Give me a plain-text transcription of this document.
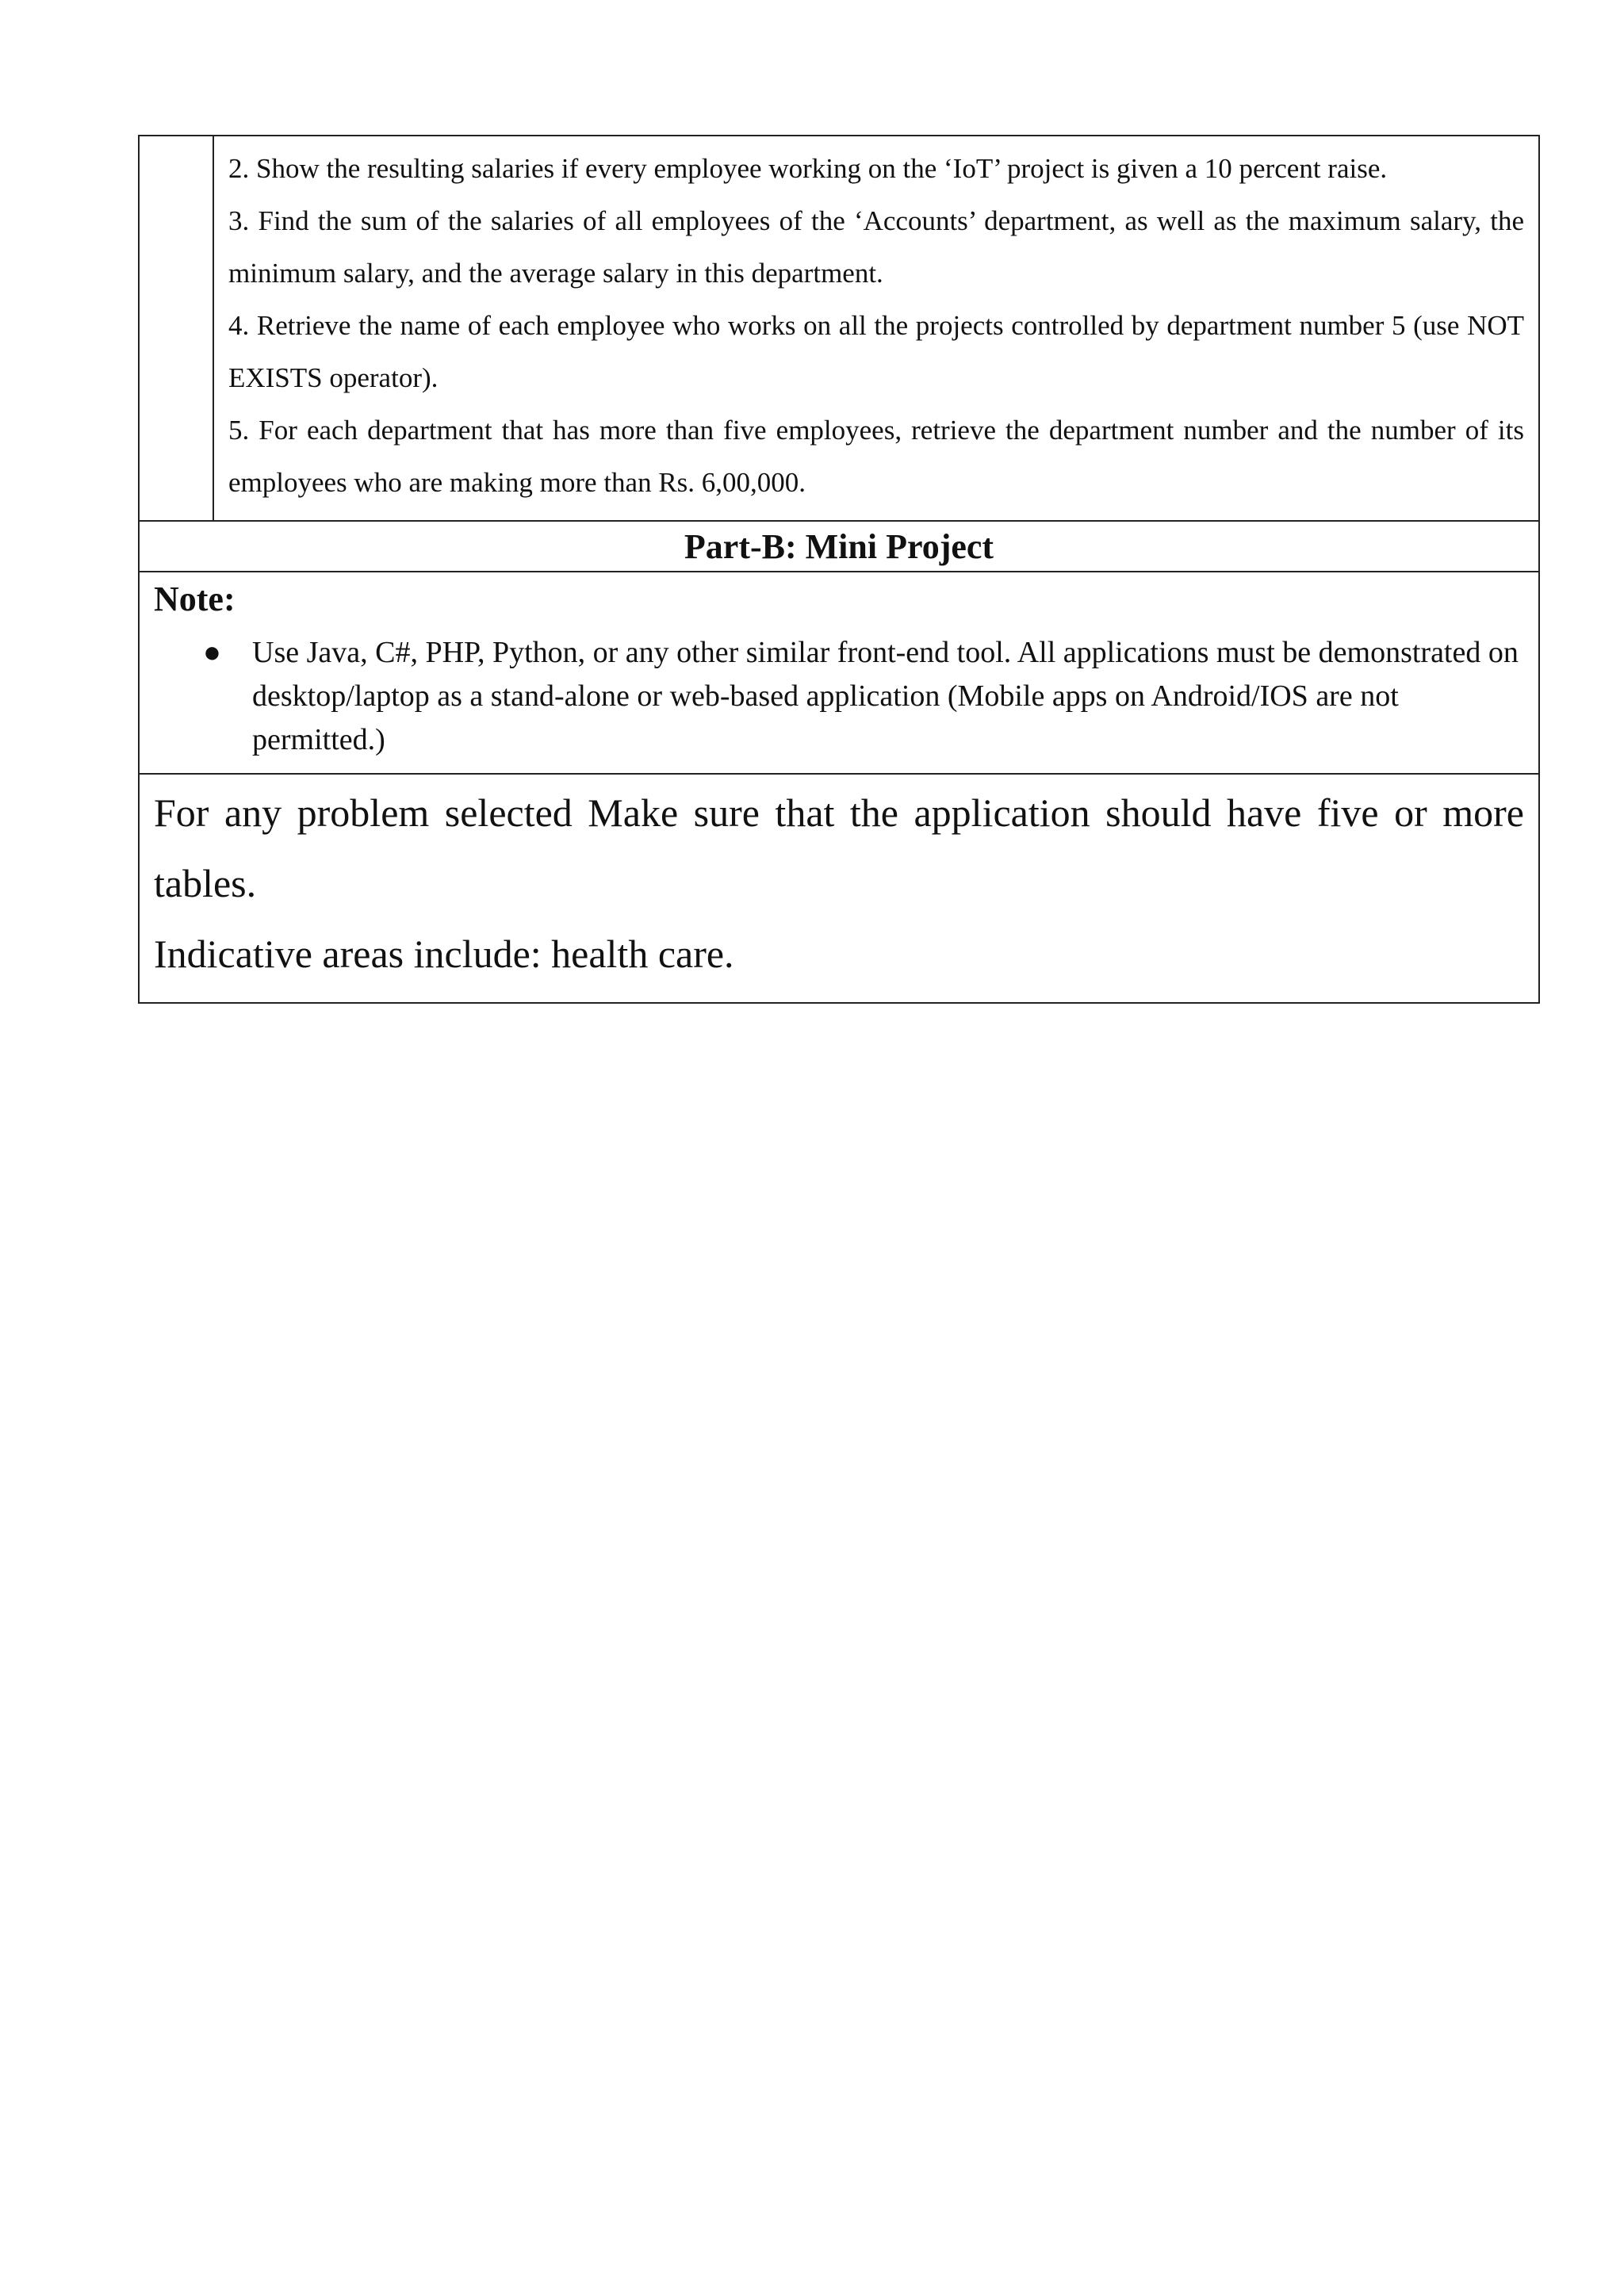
2. Show the resulting salaries if every employee working on the ‘IoT’ project is given a 10 percent raise.

3. Find the sum of the salaries of all employees of the ‘Accounts’ department, as well as the maximum salary, the minimum salary, and the average salary in this department.

4. Retrieve the name of each employee who works on all the projects controlled by department number 5 (use NOT EXISTS operator).

5. For each department that has more than five employees, retrieve the department number and the number of its employees who are making more than Rs. 6,00,000.

Part-B: Mini Project

Note:

● Use Java, C#, PHP, Python, or any other similar front-end tool. All applications must be demonstrated on desktop/laptop as a stand-alone or web-based application (Mobile apps on Android/IOS are not permitted.)

For any problem selected Make sure that the application should have five or more tables.

Indicative areas include: health care.
